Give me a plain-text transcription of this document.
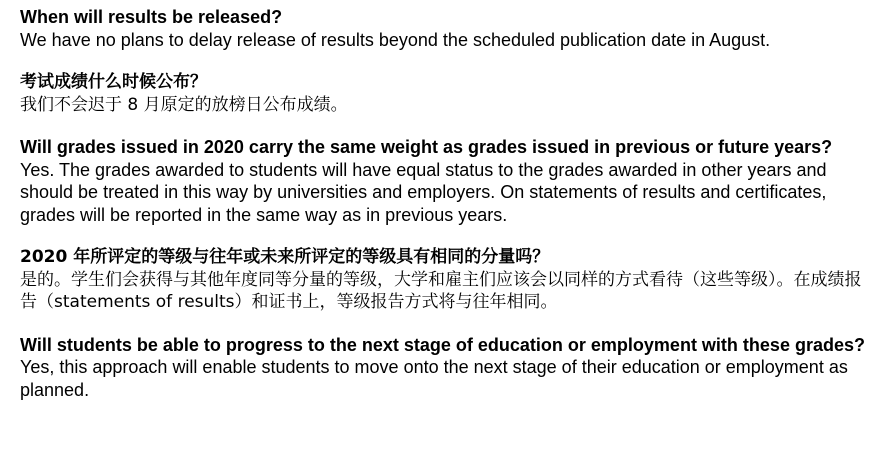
When will results be released?

We have no plans to delay release of results beyond the scheduled publication date in August.

考试成绩什么时候公布？

我们不会迟于 8 月原定的放榜日公布成绩。

Will grades issued in 2020 carry the same weight as grades issued in previous or future years?

Yes. The grades awarded to students will have equal status to the grades awarded in other years and should be treated in this way by universities and employers. On statements of results and certificates, grades will be reported in the same way as in previous years.

2020 年所评定的等级与往年或未来所评定的等级具有相同的分量吗？

是的。学生们会获得与其他年度同等分量的等级，大学和雇主们应该会以同样的方式看待（这些等级）。在成绩报告（statements of results）和证书上，等级报告方式将与往年相同。

Will students be able to progress to the next stage of education or employment with these grades?

Yes, this approach will enable students to move onto the next stage of their education or employment as planned.
